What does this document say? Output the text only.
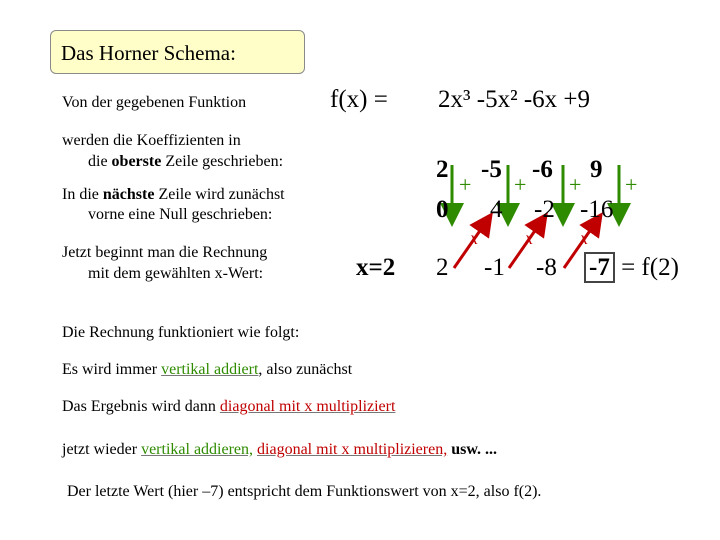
Das Horner Schema:
Von der gegebenen Funktion	f(x) = 2x³ -5x² -6x +9
werden die Koeffizienten in
die oberste Zeile geschrieben:
In die nächste Zeile wird zunächst
vorne eine Null geschrieben:
Jetzt beginnt man die Rechnung
mit dem gewählten x-Wert:	x=2
2 -5 -6 9
+ + + +
0 4 -2 -16
x	x	x
2 -1 -8 -7 = f(2)
Die Rechnung funktioniert wie folgt:
Es wird immer vertikal addiert, also zunächst
Das Ergebnis wird dann diagonal mit x multipliziert
jetzt wieder vertikal addieren, diagonal mit x multiplizieren, usw. ...
Der letzte Wert (hier –7) entspricht dem Funktionswert von x=2, also f(2).
